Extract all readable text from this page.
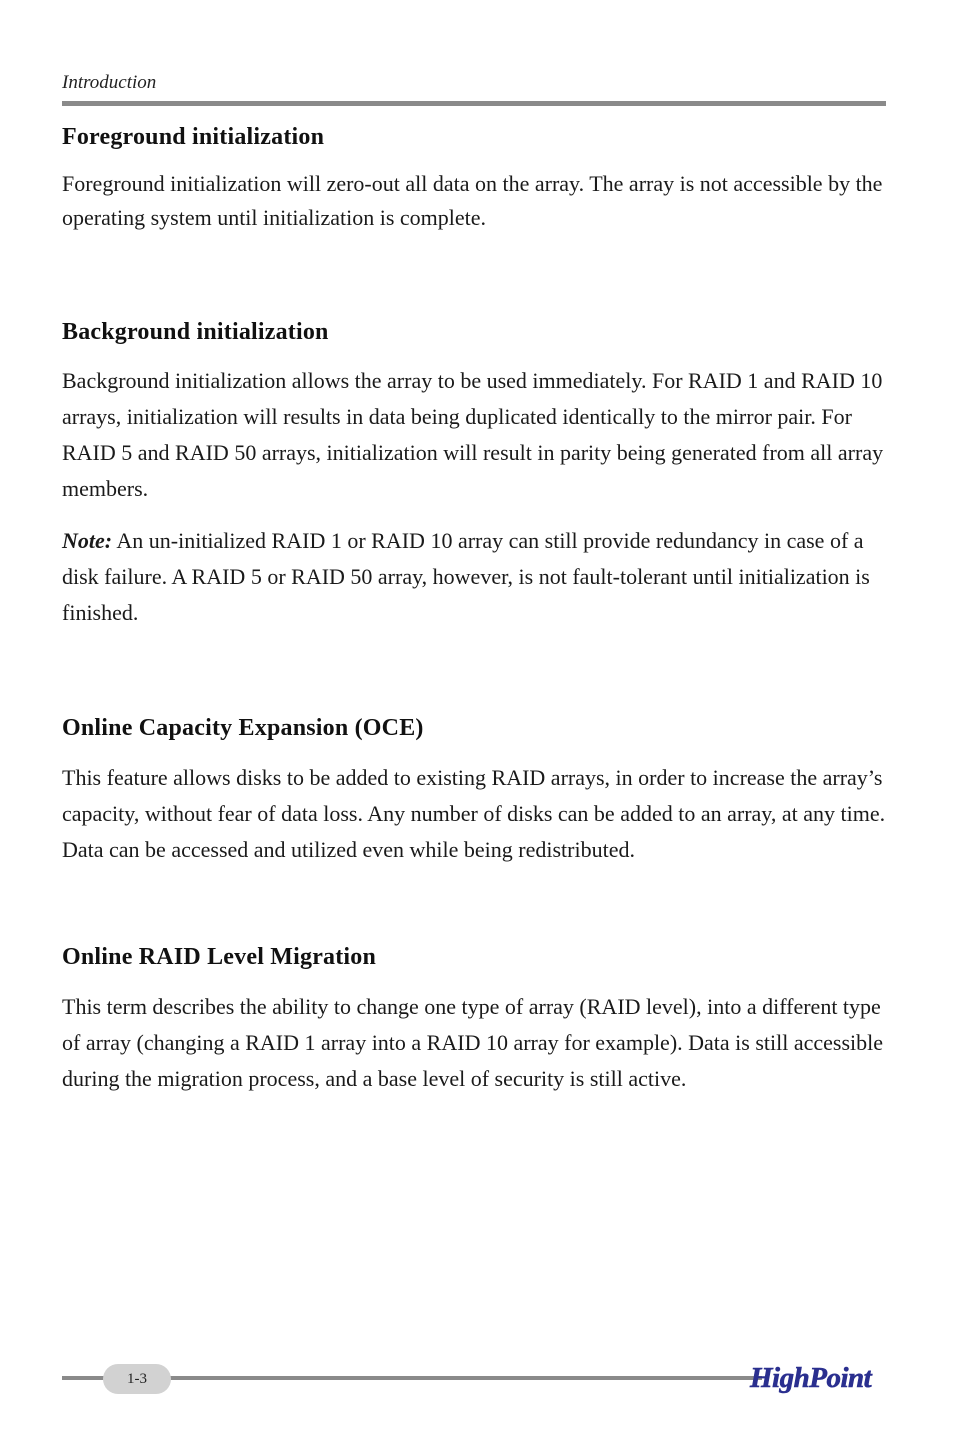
Introduction
Foreground initialization

Foreground initialization will zero-out all data on the array. The array is not accessible by the operating system until initialization is complete.

Background initialization

Background initialization allows the array to be used immediately. For RAID 1 and RAID 10 arrays, initialization will results in data being duplicated identically to the mirror pair. For RAID 5 and RAID 50 arrays, initialization will result in parity being generated from all array members.

Note: An un-initialized RAID 1 or RAID 10 array can still provide redundancy in case of a disk failure. A RAID 5 or RAID 50 array, however, is not fault-tolerant until initialization is finished.

Online Capacity Expansion (OCE)

This feature allows disks to be added to existing RAID arrays, in order to increase the array’s capacity, without fear of data loss. Any number of disks can be added to an array, at any time. Data can be accessed and utilized even while being redistributed.

Online RAID Level Migration

This term describes the ability to change one type of array (RAID level), into a different type of array (changing a RAID 1 array into a RAID 10 array for example). Data is still accessible during the migration process, and a base level of security is still active.

1-3	HighPoint
